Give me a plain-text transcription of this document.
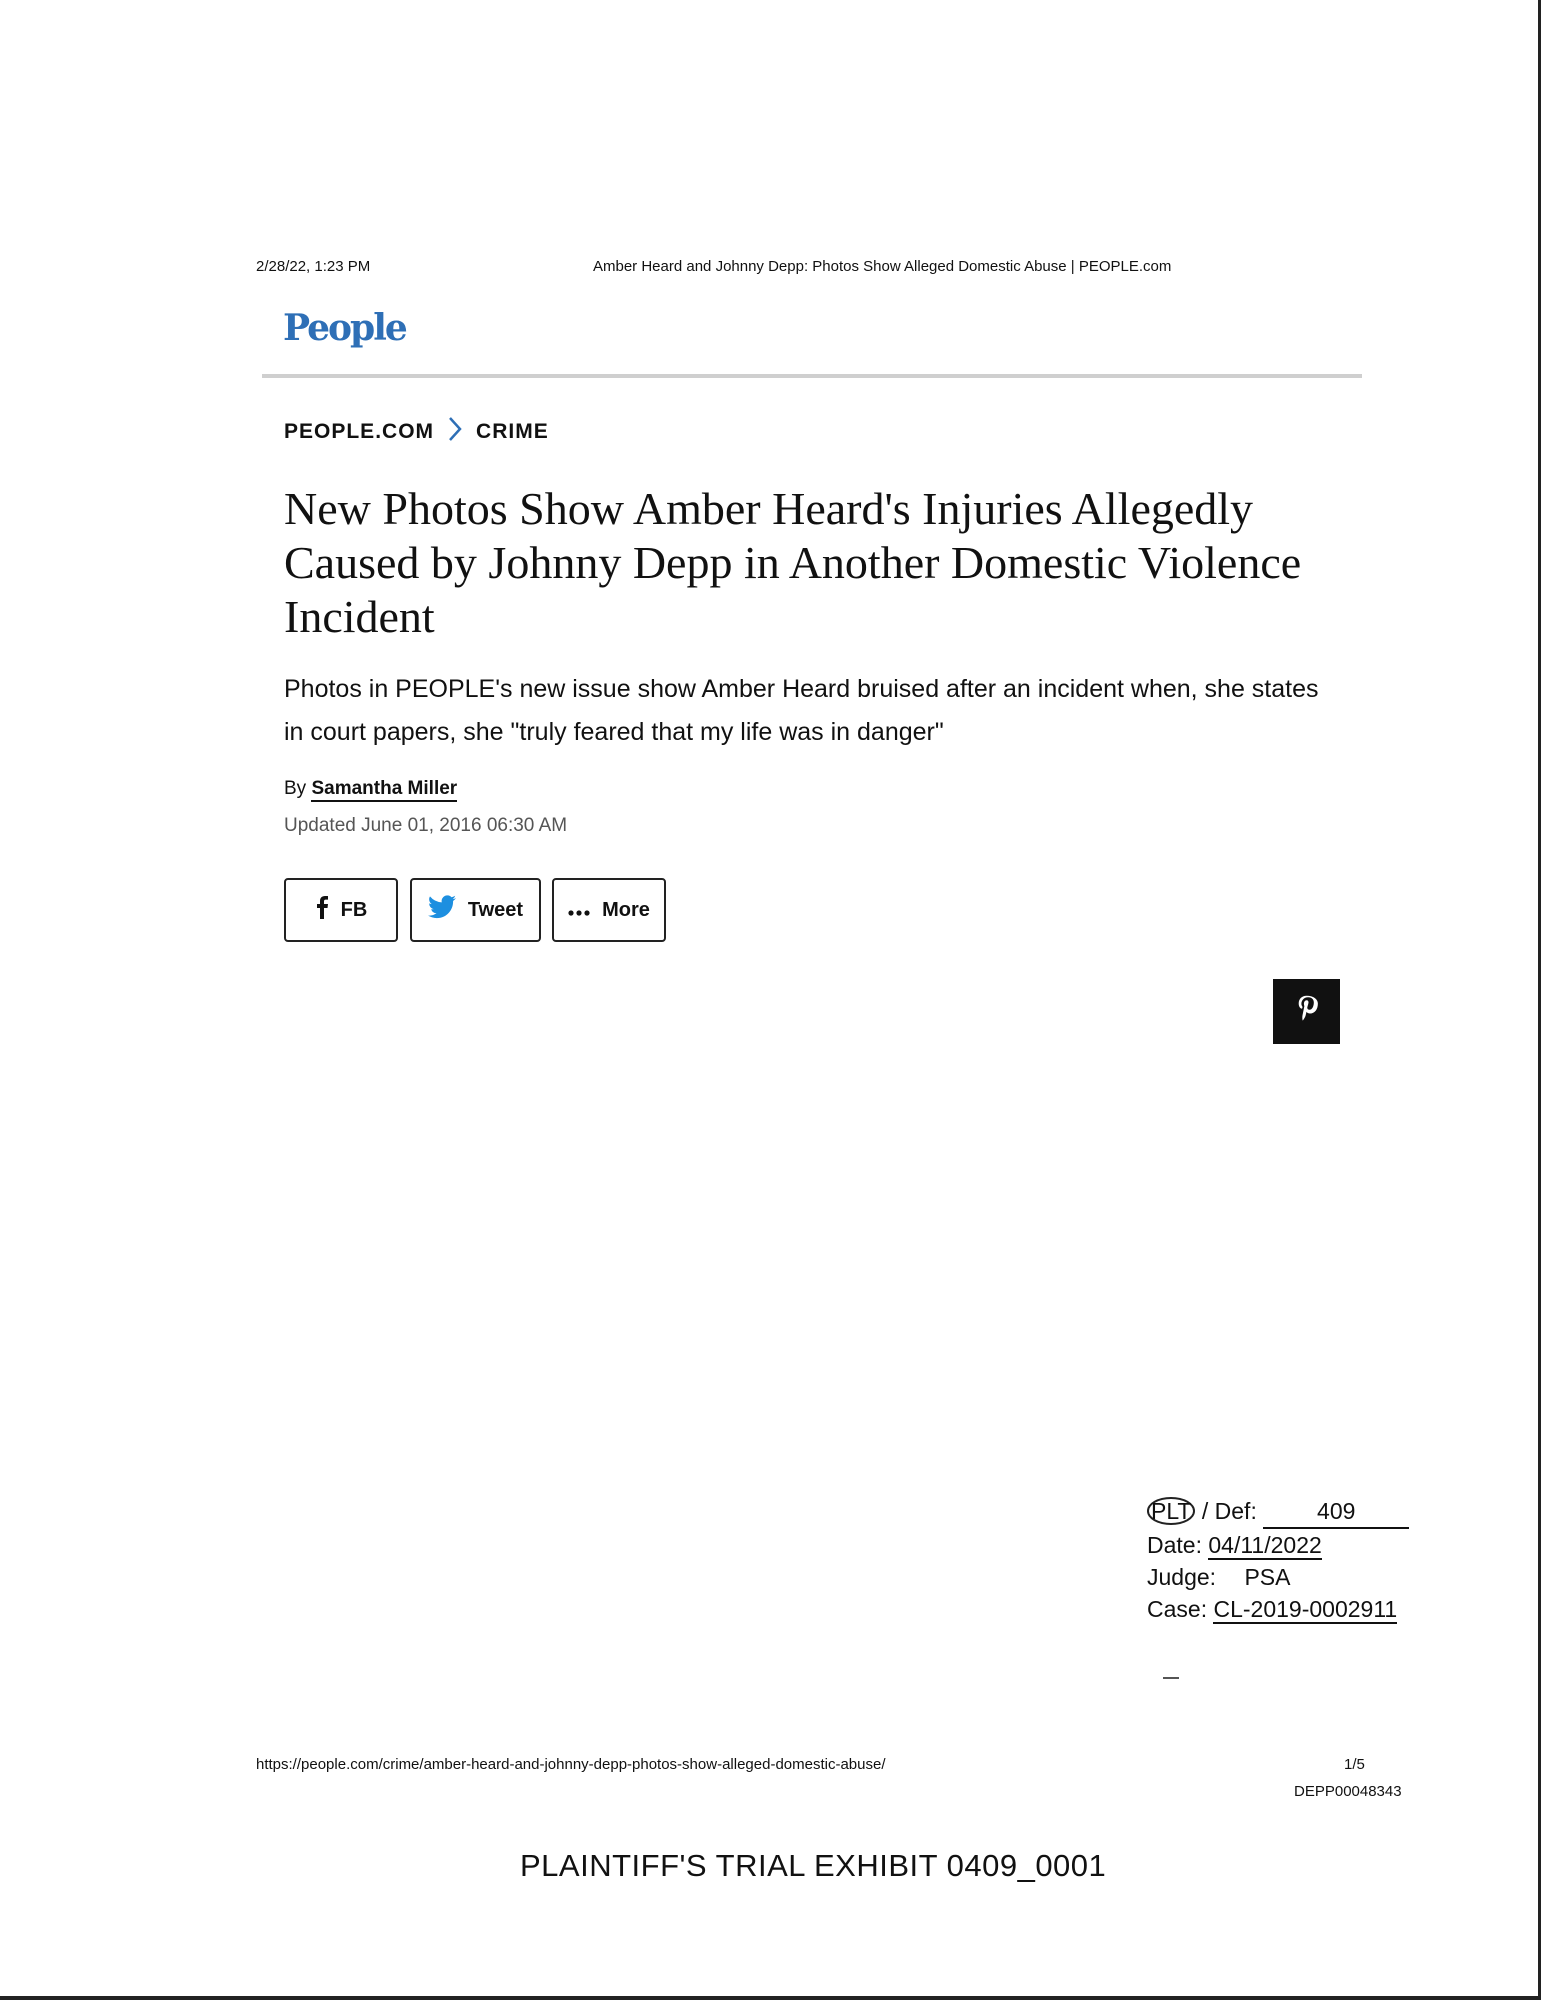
2/28/22, 1:23 PM	Amber Heard and Johnny Depp: Photos Show Alleged Domestic Abuse | PEOPLE.com
People
PEOPLE.COM CRIME
New Photos Show Amber Heard's Injuries Allegedly Caused by Johnny Depp in Another Domestic Violence Incident
Photos in PEOPLE's new issue show Amber Heard bruised after an incident when, she states in court papers, she "truly feared that my life was in danger"
By Samantha Miller
Updated June 01, 2016 06:30 AM
FB	Tweet	More
PLT / Def:	409
Date: 04/11/2022
Judge: PSA
Case: CL-2019-0002911
https://people.com/crime/amber-heard-and-johnny-depp-photos-show-alleged-domestic-abuse/	1/5
DEPP00048343
PLAINTIFF'S TRIAL EXHIBIT 0409_0001
